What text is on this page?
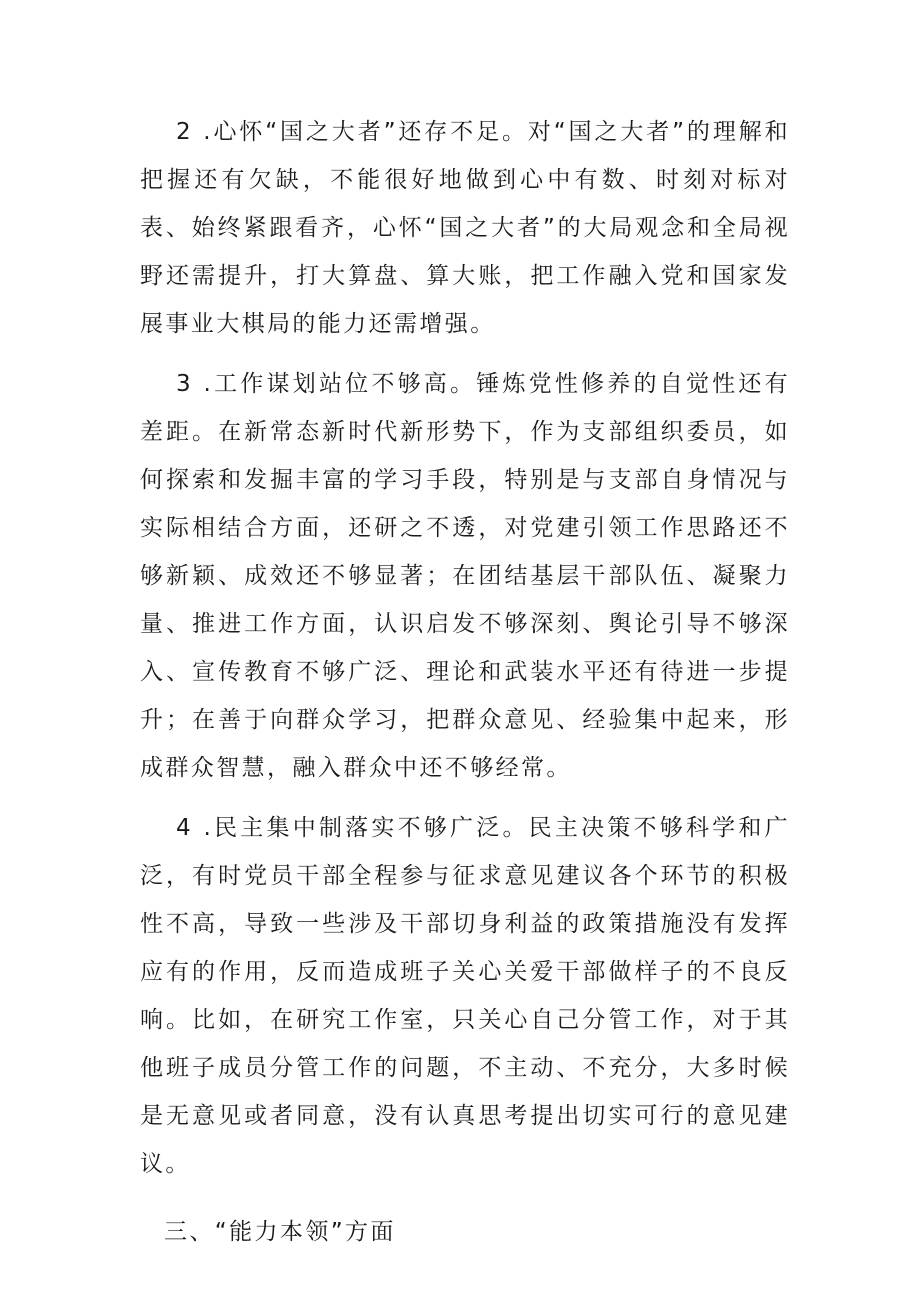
2 .心怀“国之大者”还存不足。对“国之大者”的理解和把握还有欠缺，不能很好地做到心中有数、时刻对标对表、始终紧跟看齐，心怀“国之大者”的大局观念和全局视野还需提升，打大算盘、算大账，把工作融入党和国家发展事业大棋局的能力还需增强。

3 .工作谋划站位不够高。锤炼党性修养的自觉性还有差距。在新常态新时代新形势下，作为支部组织委员，如何探索和发掘丰富的学习手段，特别是与支部自身情况与实际相结合方面，还研之不透，对党建引领工作思路还不够新颖、成效还不够显著；在团结基层干部队伍、凝聚力量、推进工作方面，认识启发不够深刻、舆论引导不够深入、宣传教育不够广泛、理论和武装水平还有待进一步提升；在善于向群众学习，把群众意见、经验集中起来，形成群众智慧，融入群众中还不够经常。

4 .民主集中制落实不够广泛。民主决策不够科学和广泛，有时党员干部全程参与征求意见建议各个环节的积极性不高，导致一些涉及干部切身利益的政策措施没有发挥应有的作用，反而造成班子关心关爱干部做样子的不良反响。比如，在研究工作室，只关心自己分管工作，对于其他班子成员分管工作的问题，不主动、不充分，大多时候是无意见或者同意，没有认真思考提出切实可行的意见建议。

三、“能力本领”方面
